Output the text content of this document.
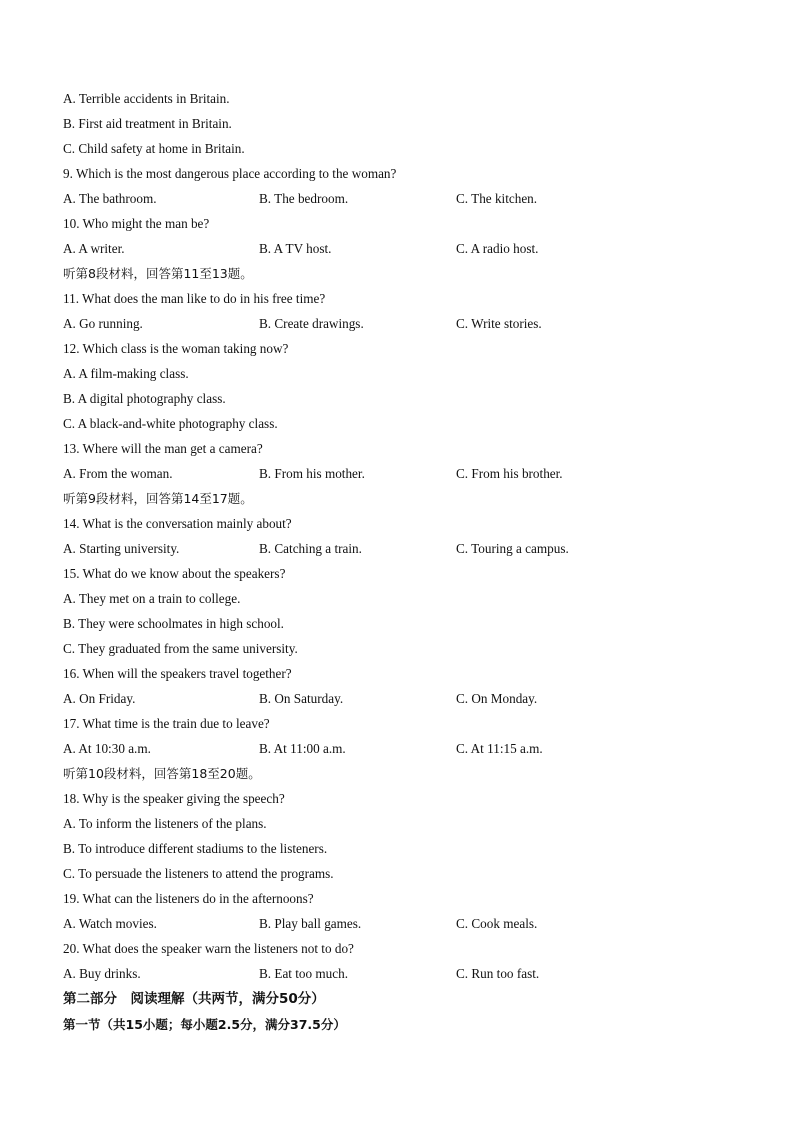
A. Terrible accidents in Britain.
B. First aid treatment in Britain.
C. Child safety at home in Britain.
9. Which is the most dangerous place according to the woman?
A. The bathroom.	B. The bedroom.	C. The kitchen.
10. Who might the man be?
A. A writer.	B. A TV host.	C. A radio host.
听第8段材料，回答第11至13题。
11. What does the man like to do in his free time?
A. Go running.	B. Create drawings.	C. Write stories.
12. Which class is the woman taking now?
A. A film-making class.
B. A digital photography class.
C. A black-and-white photography class.
13. Where will the man get a camera?
A. From the woman.	B. From his mother.	C. From his brother.
听第9段材料，回答第14至17题。
14. What is the conversation mainly about?
A. Starting university.	B. Catching a train.	C. Touring a campus.
15. What do we know about the speakers?
A. They met on a train to college.
B. They were schoolmates in high school.
C. They graduated from the same university.
16. When will the speakers travel together?
A. On Friday.	B. On Saturday.	C. On Monday.
17. What time is the train due to leave?
A. At 10:30 a.m.	B. At 11:00 a.m.	C. At 11:15 a.m.
听第10段材料，回答第18至20题。
18. Why is the speaker giving the speech?
A. To inform the listeners of the plans.
B. To introduce different stadiums to the listeners.
C. To persuade the listeners to attend the programs.
19. What can the listeners do in the afternoons?
A. Watch movies.	B. Play ball games.	C. Cook meals.
20. What does the speaker warn the listeners not to do?
A. Buy drinks.	B. Eat too much.	C. Run too fast.
第二部分　阅读理解（共两节，满分50分）
第一节（共15小题；每小题2.5分，满分37.5分）
